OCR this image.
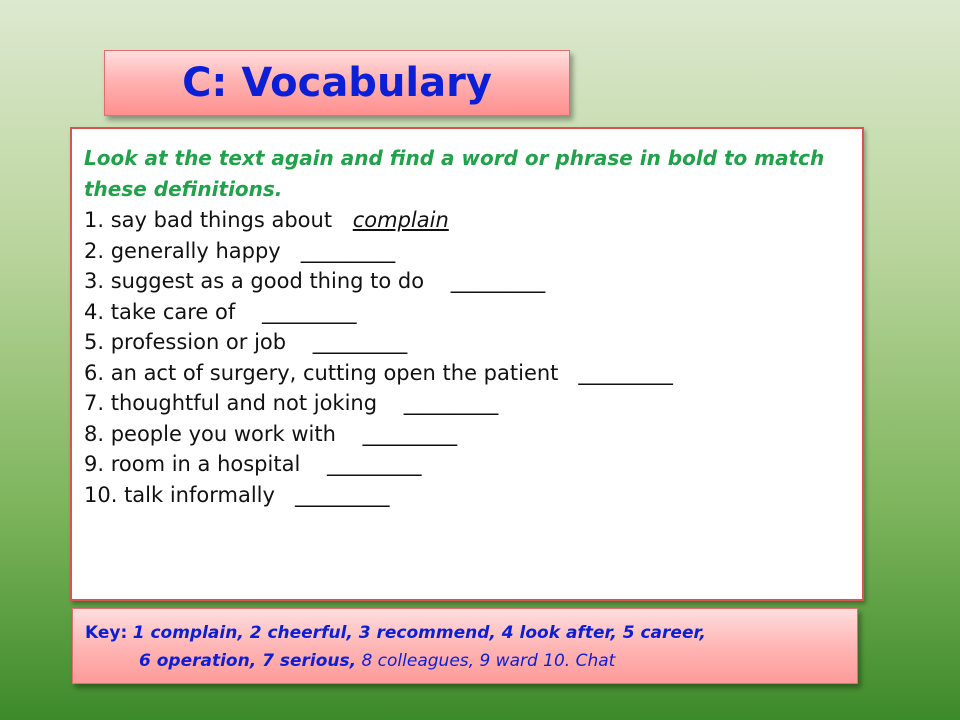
C: Vocabulary

Look at the text again and find a word or phrase in bold to match these definitions.

1. say bad things about complain
2. generally happy   _________
3. suggest as a good thing to do    _________
4. take care of    _________
5. profession or job    _________
6. an act of surgery, cutting open the patient   _________
7. thoughtful and not joking    _________
8. people you work with    _________
9. room in a hospital    _________
10. talk informally   _________
Key: 1 complain, 2 cheerful, 3 recommend, 4 look after, 5 career,
6 operation, 7 serious, 8 colleagues, 9 ward 10. Chat
